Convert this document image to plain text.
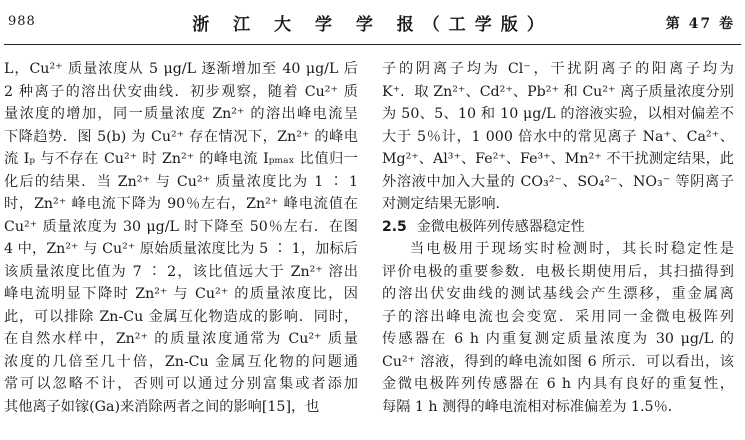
988	浙 江 大 学 学 报（工学版）	第 47 卷
L，Cu²⁺ 质量浓度从 5 μg/L 逐渐增加至 40 μg/L 后
2 种离子的溶出伏安曲线．初步观察，随着 Cu²⁺ 质
量浓度的增加，同一质量浓度 Zn²⁺ 的溶出峰电流呈
下降趋势．图 5(b) 为 Cu²⁺ 存在情况下，Zn²⁺ 的峰电
流 Iₚ 与不存在 Cu²⁺ 时 Zn²⁺ 的峰电流 Iₚₘₐₓ 比值归一
化后的结果．当 Zn²⁺ 与 Cu²⁺ 质量浓度比为 1 ∶ 1
时，Zn²⁺ 峰电流下降为 90％左右，Zn²⁺ 峰电流值在
Cu²⁺ 质量浓度为 30 μg/L 时下降至 50％左右．在图
4 中，Zn²⁺ 与 Cu²⁺ 原始质量浓度比为 5 ∶ 1，加标后
该质量浓度比值为 7 ∶ 2，该比值远大于 Zn²⁺ 溶出
峰电流明显下降时 Zn²⁺ 与 Cu²⁺ 的质量浓度比，因
此，可以排除 Zn-Cu 金属互化物造成的影响．同时，
在自然水样中，Zn²⁺ 的质量浓度通常为 Cu²⁺ 质量
浓度的几倍至几十倍，Zn-Cu 金属互化物的问题通
常可以忽略不计，否则可以通过分别富集或者添加
其他离子如镓(Ga)来消除两者之间的影响[15]，也
子的阴离子均为 Cl⁻，干扰阴离子的阳离子均为
K⁺．取 Zn²⁺、Cd²⁺、Pb²⁺ 和 Cu²⁺ 离子质量浓度分别
为 50、5、10 和 10 μg/L 的溶液实验，以相对偏差不
大于 5％计，1 000 倍水中的常见离子 Na⁺、Ca²⁺、
Mg²⁺、Al³⁺、Fe²⁺、Fe³⁺、Mn²⁺ 不干扰测定结果，此
外溶液中加入大量的 CO₃²⁻、SO₄²⁻、NO₃⁻ 等阴离子
对测定结果无影响．
2.5 金微电极阵列传感器稳定性
当电极用于现场实时检测时，其长时稳定性是
评价电极的重要参数．电极长期使用后，其扫描得到
的溶出伏安曲线的测试基线会产生漂移，重金属离
子的溶出峰电流也会变宽．采用同一金微电极阵列
传感器在 6 h 内重复测定质量浓度为 30 μg/L 的
Cu²⁺ 溶液，得到的峰电流如图 6 所示．可以看出，该
金微电极阵列传感器在 6 h 内具有良好的重复性，
每隔 1 h 测得的峰电流相对标准偏差为 1.5％．
